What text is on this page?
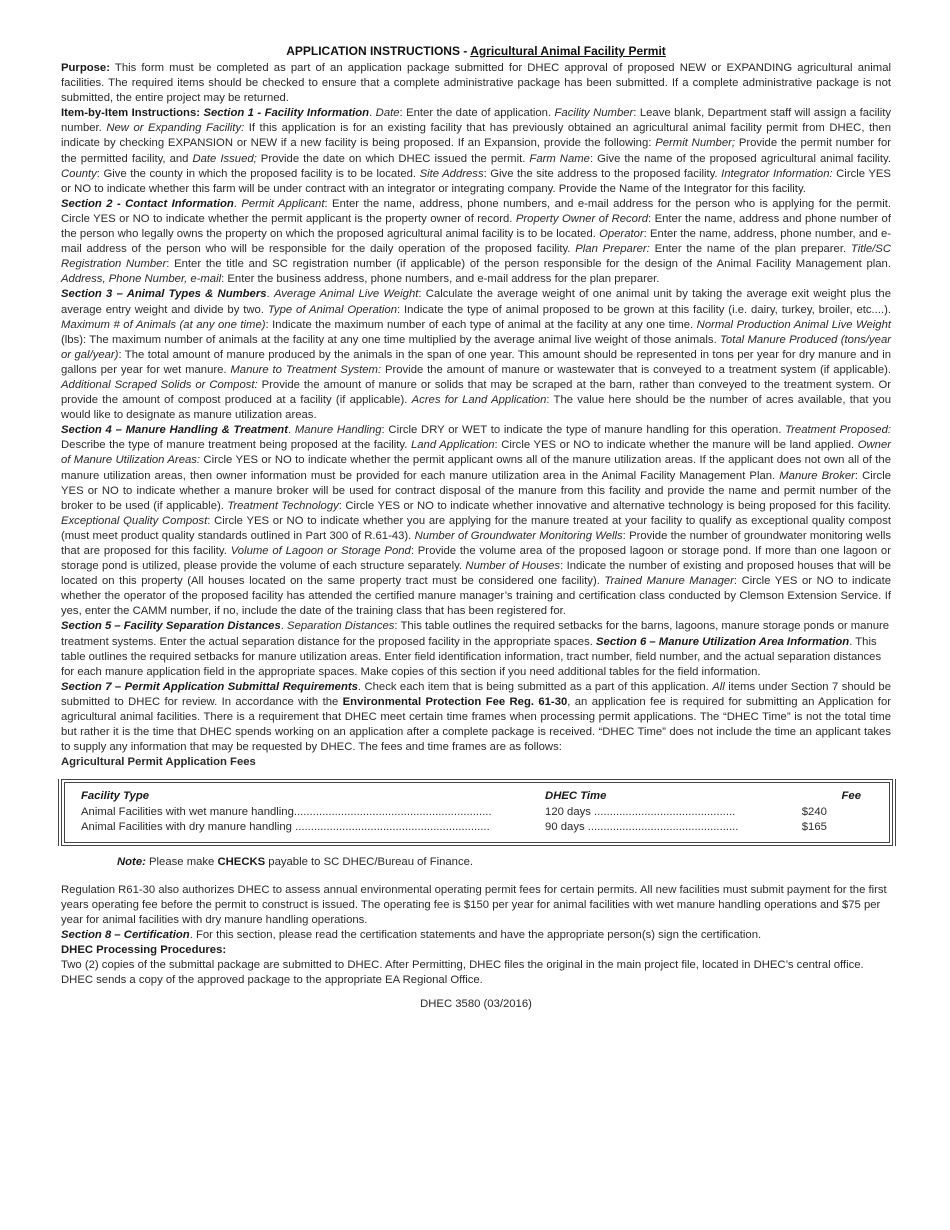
APPLICATION INSTRUCTIONS - Agricultural Animal Facility Permit

Purpose: This form must be completed as part of an application package submitted for DHEC approval of proposed NEW or EXPANDING agricultural animal facilities. The required items should be checked to ensure that a complete administrative package has been submitted. If a complete administrative package is not submitted, the entire project may be returned.

Item-by-Item Instructions: Section 1 - Facility Information. Date: Enter the date of application. Facility Number: Leave blank, Department staff will assign a facility number. New or Expanding Facility: If this application is for an existing facility that has previously obtained an agricultural animal facility permit from DHEC, then indicate by checking EXPANSION or NEW if a new facility is being proposed. If an Expansion, provide the following: Permit Number; Provide the permit number for the permitted facility, and Date Issued; Provide the date on which DHEC issued the permit. Farm Name: Give the name of the proposed agricultural animal facility. County: Give the county in which the proposed facility is to be located. Site Address: Give the site address to the proposed facility. Integrator Information: Circle YES or NO to indicate whether this farm will be under contract with an integrator or integrating company. Provide the Name of the Integrator for this facility.

Section 2 - Contact Information. Permit Applicant: Enter the name, address, phone numbers, and e-mail address for the person who is applying for the permit. Circle YES or NO to indicate whether the permit applicant is the property owner of record. Property Owner of Record: Enter the name, address and phone number of the person who legally owns the property on which the proposed agricultural animal facility is to be located. Operator: Enter the name, address, phone number, and e-mail address of the person who will be responsible for the daily operation of the proposed facility. Plan Preparer: Enter the name of the plan preparer. Title/SC Registration Number: Enter the title and SC registration number (if applicable) of the person responsible for the design of the Animal Facility Management plan. Address, Phone Number, e-mail: Enter the business address, phone numbers, and e-mail address for the plan preparer.

Section 3 – Animal Types & Numbers. Average Animal Live Weight: Calculate the average weight of one animal unit by taking the average exit weight plus the average entry weight and divide by two. Type of Animal Operation: Indicate the type of animal proposed to be grown at this facility (i.e. dairy, turkey, broiler, etc....). Maximum # of Animals (at any one time): Indicate the maximum number of each type of animal at the facility at any one time. Normal Production Animal Live Weight (lbs): The maximum number of animals at the facility at any one time multiplied by the average animal live weight of those animals. Total Manure Produced (tons/year or gal/year): The total amount of manure produced by the animals in the span of one year. This amount should be represented in tons per year for dry manure and in gallons per year for wet manure. Manure to Treatment System: Provide the amount of manure or wastewater that is conveyed to a treatment system (if applicable). Additional Scraped Solids or Compost: Provide the amount of manure or solids that may be scraped at the barn, rather than conveyed to the treatment system. Or provide the amount of compost produced at a facility (if applicable). Acres for Land Application: The value here should be the number of acres available, that you would like to designate as manure utilization areas.

Section 4 – Manure Handling & Treatment. Manure Handling: Circle DRY or WET to indicate the type of manure handling for this operation. Treatment Proposed: Describe the type of manure treatment being proposed at the facility. Land Application: Circle YES or NO to indicate whether the manure will be land applied. Owner of Manure Utilization Areas: Circle YES or NO to indicate whether the permit applicant owns all of the manure utilization areas. If the applicant does not own all of the manure utilization areas, then owner information must be provided for each manure utilization area in the Animal Facility Management Plan. Manure Broker: Circle YES or NO to indicate whether a manure broker will be used for contract disposal of the manure from this facility and provide the name and permit number of the broker to be used (if applicable). Treatment Technology: Circle YES or NO to indicate whether innovative and alternative technology is being proposed for this facility. Exceptional Quality Compost: Circle YES or NO to indicate whether you are applying for the manure treated at your facility to qualify as exceptional quality compost (must meet product quality standards outlined in Part 300 of R.61-43). Number of Groundwater Monitoring Wells: Provide the number of groundwater monitoring wells that are proposed for this facility. Volume of Lagoon or Storage Pond: Provide the volume area of the proposed lagoon or storage pond. If more than one lagoon or storage pond is utilized, please provide the volume of each structure separately. Number of Houses: Indicate the number of existing and proposed houses that will be located on this property (All houses located on the same property tract must be considered one facility). Trained Manure Manager: Circle YES or NO to indicate whether the operator of the proposed facility has attended the certified manure manager’s training and certification class conducted by Clemson Extension Service. If yes, enter the CAMM number, if no, include the date of the training class that has been registered for.

Section 5 – Facility Separation Distances. Separation Distances: This table outlines the required setbacks for the barns, lagoons, manure storage ponds or manure treatment systems. Enter the actual separation distance for the proposed facility in the appropriate spaces. Section 6 – Manure Utilization Area Information. This table outlines the required setbacks for manure utilization areas. Enter field identification information, tract number, field number, and the actual separation distances for each manure application field in the appropriate spaces. Make copies of this section if you need additional tables for the field information.

Section 7 – Permit Application Submittal Requirements. Check each item that is being submitted as a part of this application. All items under Section 7 should be submitted to DHEC for review. In accordance with the Environmental Protection Fee Reg. 61-30, an application fee is required for submitting an Application for agricultural animal facilities. There is a requirement that DHEC meet certain time frames when processing permit applications. The “DHEC Time” is not the total time but rather it is the time that DHEC spends working on an application after a complete package is received. “DHEC Time” does not include the time an applicant takes to supply any information that may be requested by DHEC. The fees and time frames are as follows:

Agricultural Permit Application Fees
Facility Type	DHEC Time	Fee
Animal Facilities with wet manure handling...............................................................	120 days .............................................	$240
Animal Facilities with dry manure handling ..............................................................	90 days ................................................	$165
Note: Please make CHECKS payable to SC DHEC/Bureau of Finance.

Regulation R61-30 also authorizes DHEC to assess annual environmental operating permit fees for certain permits. All new facilities must submit payment for the first years operating fee before the permit to construct is issued. The operating fee is $150 per year for animal facilities with wet manure handling operations and $75 per year for animal facilities with dry manure handling operations.

Section 8 – Certification. For this section, please read the certification statements and have the appropriate person(s) sign the certification.

DHEC Processing Procedures:

Two (2) copies of the submittal package are submitted to DHEC. After Permitting, DHEC files the original in the main project file, located in DHEC’s central office. DHEC sends a copy of the approved package to the appropriate EA Regional Office.

DHEC 3580 (03/2016)
